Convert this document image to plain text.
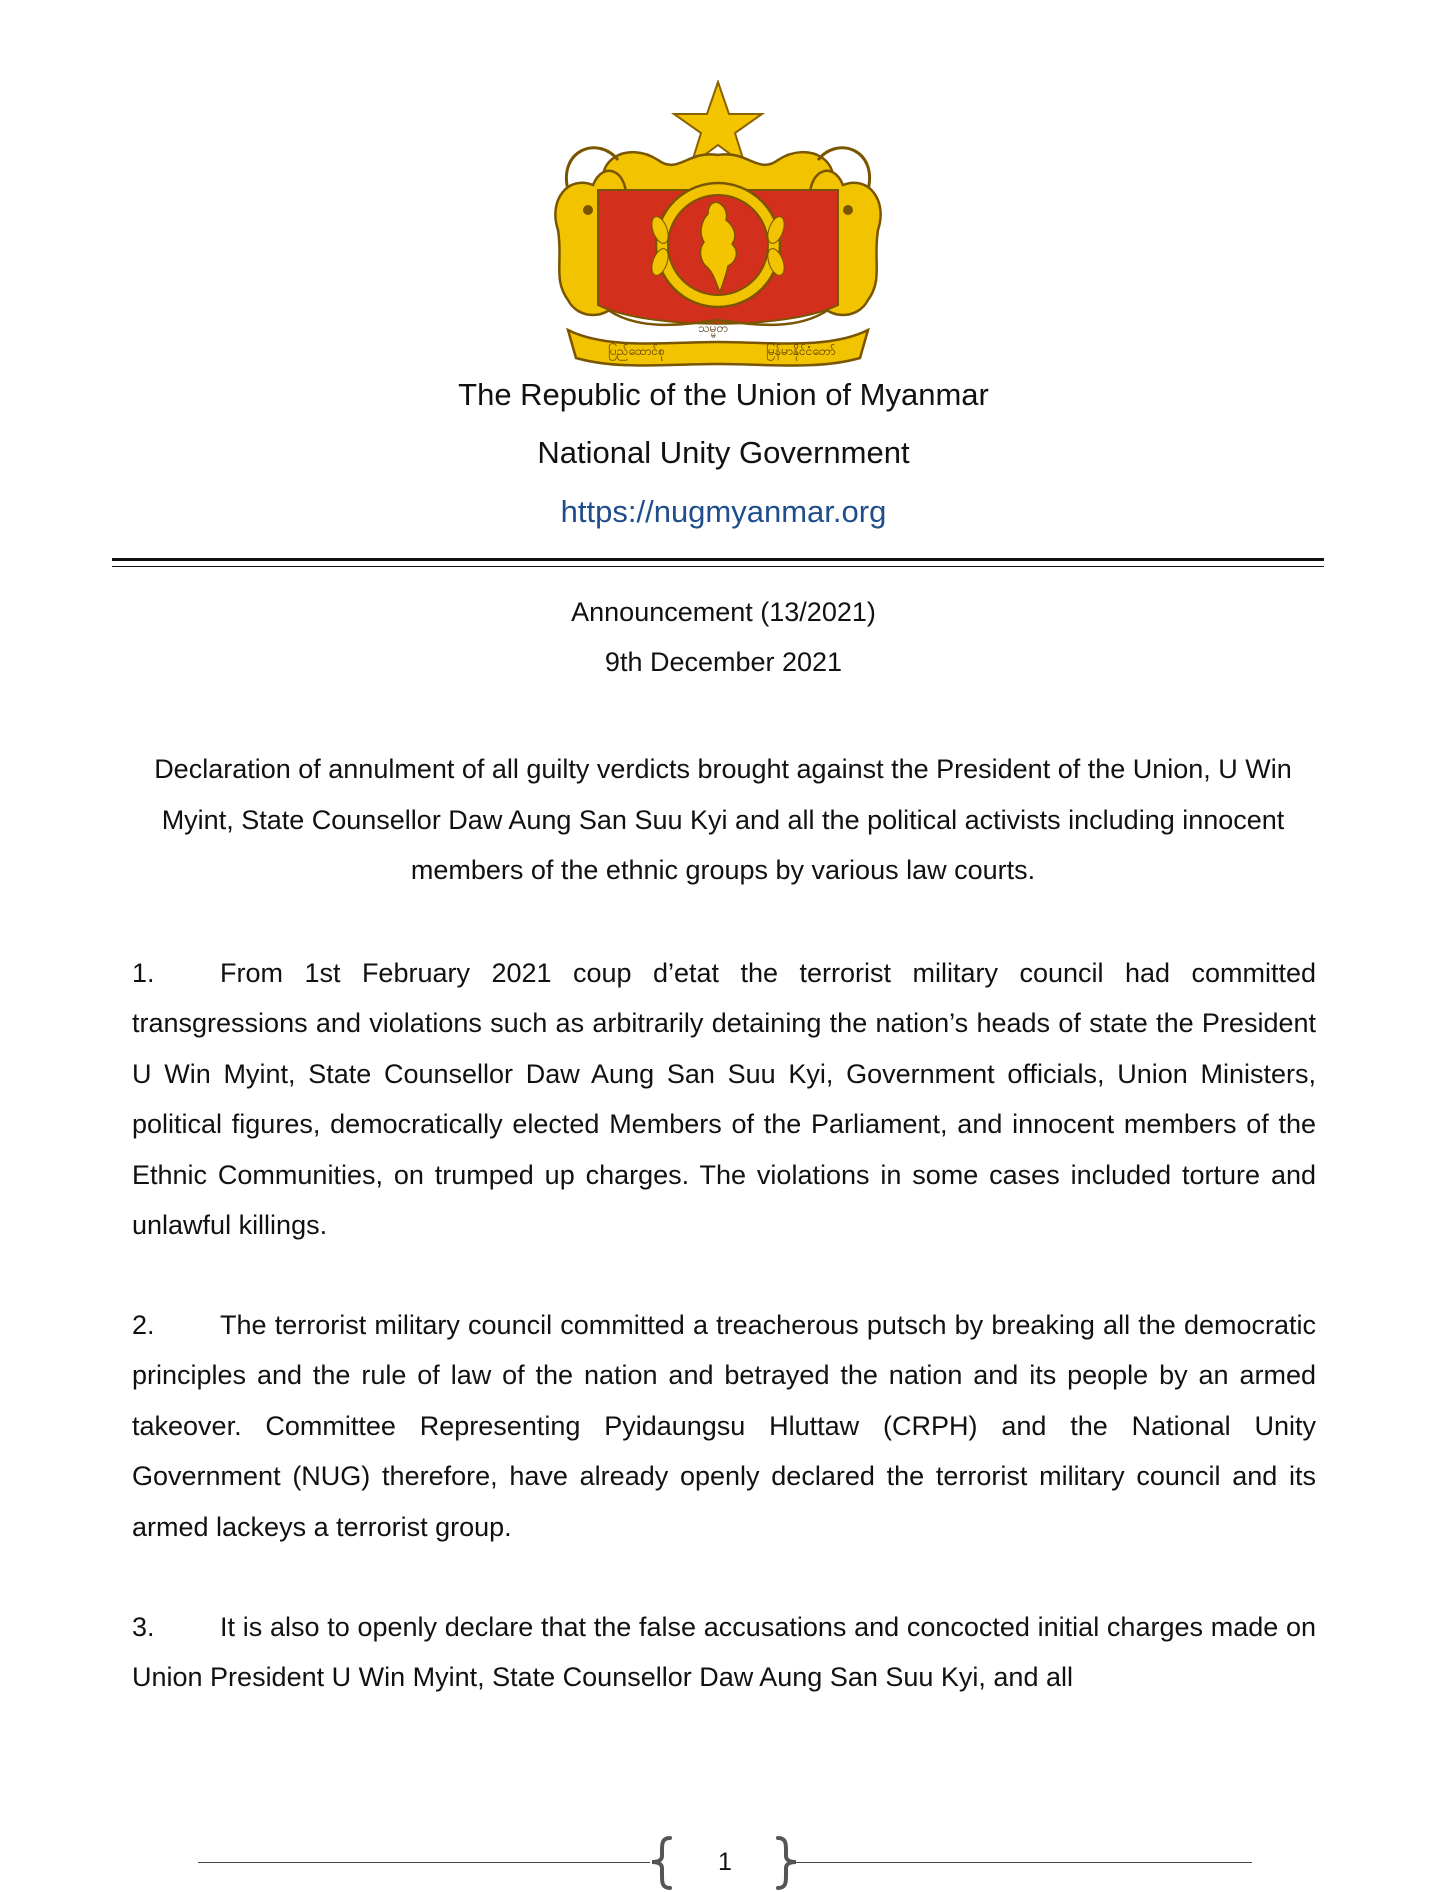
ပြည်ထောင်စု
သမ္မတ
မြန်မာနိုင်ငံတော်
The Republic of the Union of Myanmar
National Unity Government
https://nugmyanmar.org
Announcement (13/2021)
9th December 2021
Declaration of annulment of all guilty verdicts brought against the President of the Union, U Win Myint, State Counsellor Daw Aung San Suu Kyi and all the political activists including innocent members of the ethnic groups by various law courts.
1. From 1st February 2021 coup d’etat the terrorist military council had committed transgressions and violations such as arbitrarily detaining the nation’s heads of state the President U Win Myint, State Counsellor Daw Aung San Suu Kyi, Government officials, Union Ministers, political figures, democratically elected Members of the Parliament, and innocent members of the Ethnic Communities, on trumped up charges. The violations in some cases included torture and unlawful killings.
2. The terrorist military council committed a treacherous putsch by breaking all the democratic principles and the rule of law of the nation and betrayed the nation and its people by an armed takeover. Committee Representing Pyidaungsu Hluttaw (CRPH) and the National Unity Government (NUG) therefore, have already openly declared the terrorist military council and its armed lackeys a terrorist group.
3. It is also to openly declare that the false accusations and concocted initial charges made on Union President U Win Myint, State Counsellor Daw Aung San Suu Kyi, and all
1
